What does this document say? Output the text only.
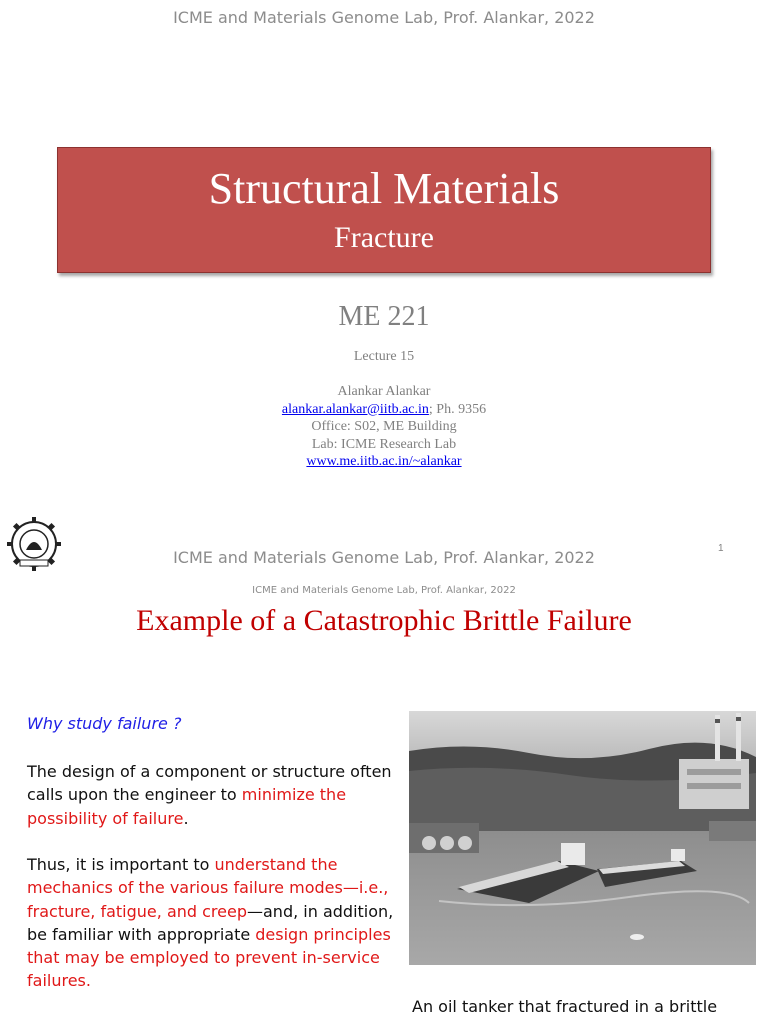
ICME and Materials Genome Lab, Prof. Alankar, 2022
Structural Materials
Fracture
ME 221
Lecture 15
Alankar Alankar
alankar.alankar@iitb.ac.in; Ph. 9356
Office: S02, ME Building
Lab: ICME Research Lab
www.me.iitb.ac.in/~alankar
ICME and Materials Genome Lab, Prof. Alankar, 2022	1
ICME and Materials Genome Lab, Prof. Alankar, 2022
Example of a Catastrophic Brittle Failure
Why study failure ?
The design of a component or structure often calls upon the engineer to minimize the possibility of failure.
Thus, it is important to understand the mechanics of the various failure modes—i.e., fracture, fatigue, and creep—and, in addition, be familiar with appropriate design principles that may be employed to prevent in-service failures.
An oil tanker that fractured in a brittle
